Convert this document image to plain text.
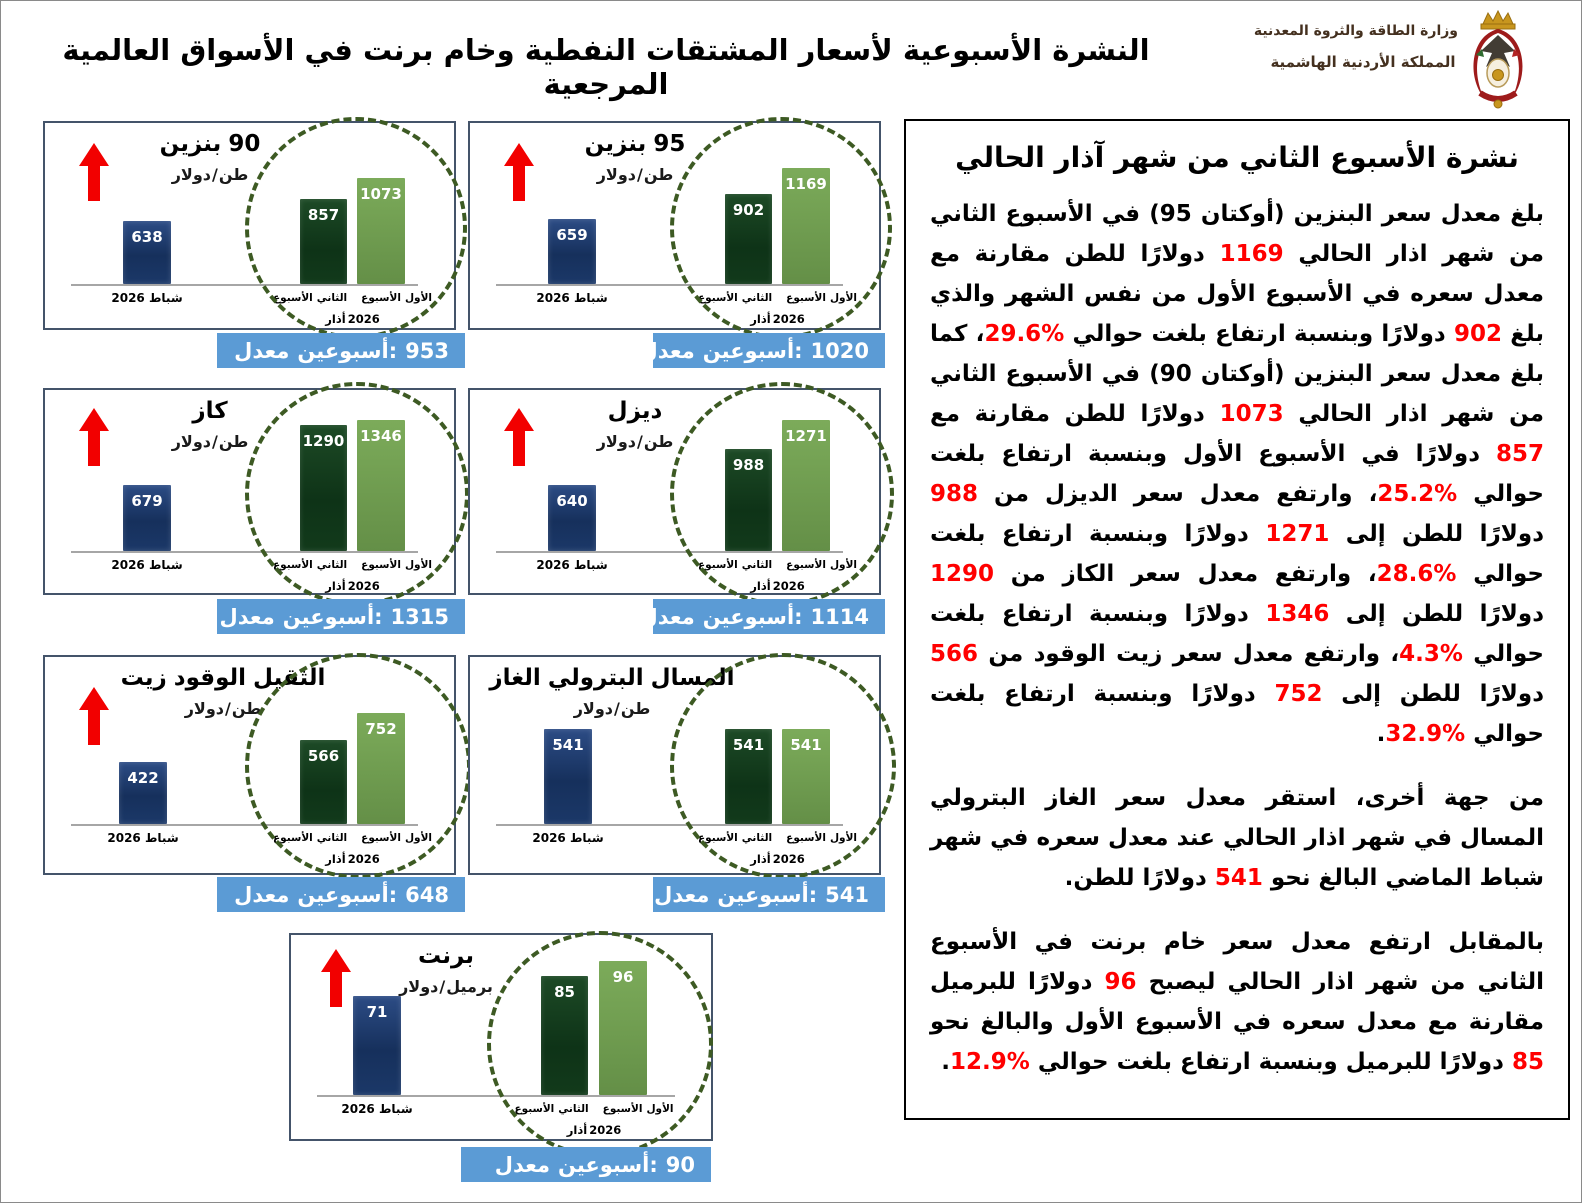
النشرة الأسبوعية لأسعار المشتقات النفطية وخام برنت في الأسواق العالمية المرجعية
وزارة الطاقة والثروة المعدنية
المملكة الأردنية الهاشمية
بنزين 90
دولار / طن
638
857
1073
شباط 2026	الأسبوع الثاني الأسبوع الأول
أذار 2026
معدل أسبوعين: 953
بنزين 95
دولار / طن
659
902
1169
شباط 2026	الأسبوع الثاني الأسبوع الأول
أذار 2026
معدل أسبوعين: 1020
كاز
دولار / طن
679
1290 1346
شباط 2026	الأسبوع الثاني الأسبوع الأول
أذار 2026
معدل أسبوعين: 1315
ديزل
دولار / طن
640
988
1271
شباط 2026	الأسبوع الثاني الأسبوع الأول
أذار 2026
معدل أسبوعين: 1114
زيت الوقود الثقيل
دولار / طن
422
566
752
شباط 2026	الأسبوع الثاني الأسبوع الأول
أذار 2026
معدل أسبوعين: 648
الغاز البترولي المسال
دولار / طن
541	541	541
شباط 2026	الأسبوع الثاني الأسبوع الأول
أذار 2026
معدل أسبوعين: 541
برنت
دولار / برميل
71
85
96
شباط 2026	الأسبوع الثاني الأسبوع الأول
أذار 2026
معدل أسبوعين: 90
نشرة الأسبوع الثاني من شهر آذار الحالي

بلغ معدل سعر البنزين (أوكتان 95) في الأسبوع الثاني من شهر اذار الحالي 1169 دولارًا للطن مقارنة مع معدل سعره في الأسبوع الأول من نفس الشهر والذي بلغ 902 دولارًا وبنسبة ارتفاع بلغت حوالي %29.6، كما بلغ معدل سعر البنزين (أوكتان 90) في الأسبوع الثاني من شهر اذار الحالي 1073 دولارًا للطن مقارنة مع 857 دولارًا في الأسبوع الأول وبنسبة ارتفاع بلغت حوالي %25.2، وارتفع معدل سعر الديزل من 988 دولارًا للطن إلى 1271 دولارًا وبنسبة ارتفاع بلغت حوالي %28.6، وارتفع معدل سعر الكاز من 1290 دولارًا للطن إلى 1346 دولارًا وبنسبة ارتفاع بلغت حوالي %4.3، وارتفع معدل سعر زيت الوقود من 566 دولارًا للطن إلى 752 دولارًا وبنسبة ارتفاع بلغت حوالي %32.9.

من جهة أخرى، استقر معدل سعر الغاز البترولي المسال في شهر اذار الحالي عند معدل سعره في شهر شباط الماضي البالغ نحو 541 دولارًا للطن.

بالمقابل ارتفع معدل سعر خام برنت في الأسبوع الثاني من شهر اذار الحالي ليصبح 96 دولارًا للبرميل مقارنة مع معدل سعره في الأسبوع الأول والبالغ نحو 85 دولارًا للبرميل وبنسبة ارتفاع بلغت حوالي %12.9.
